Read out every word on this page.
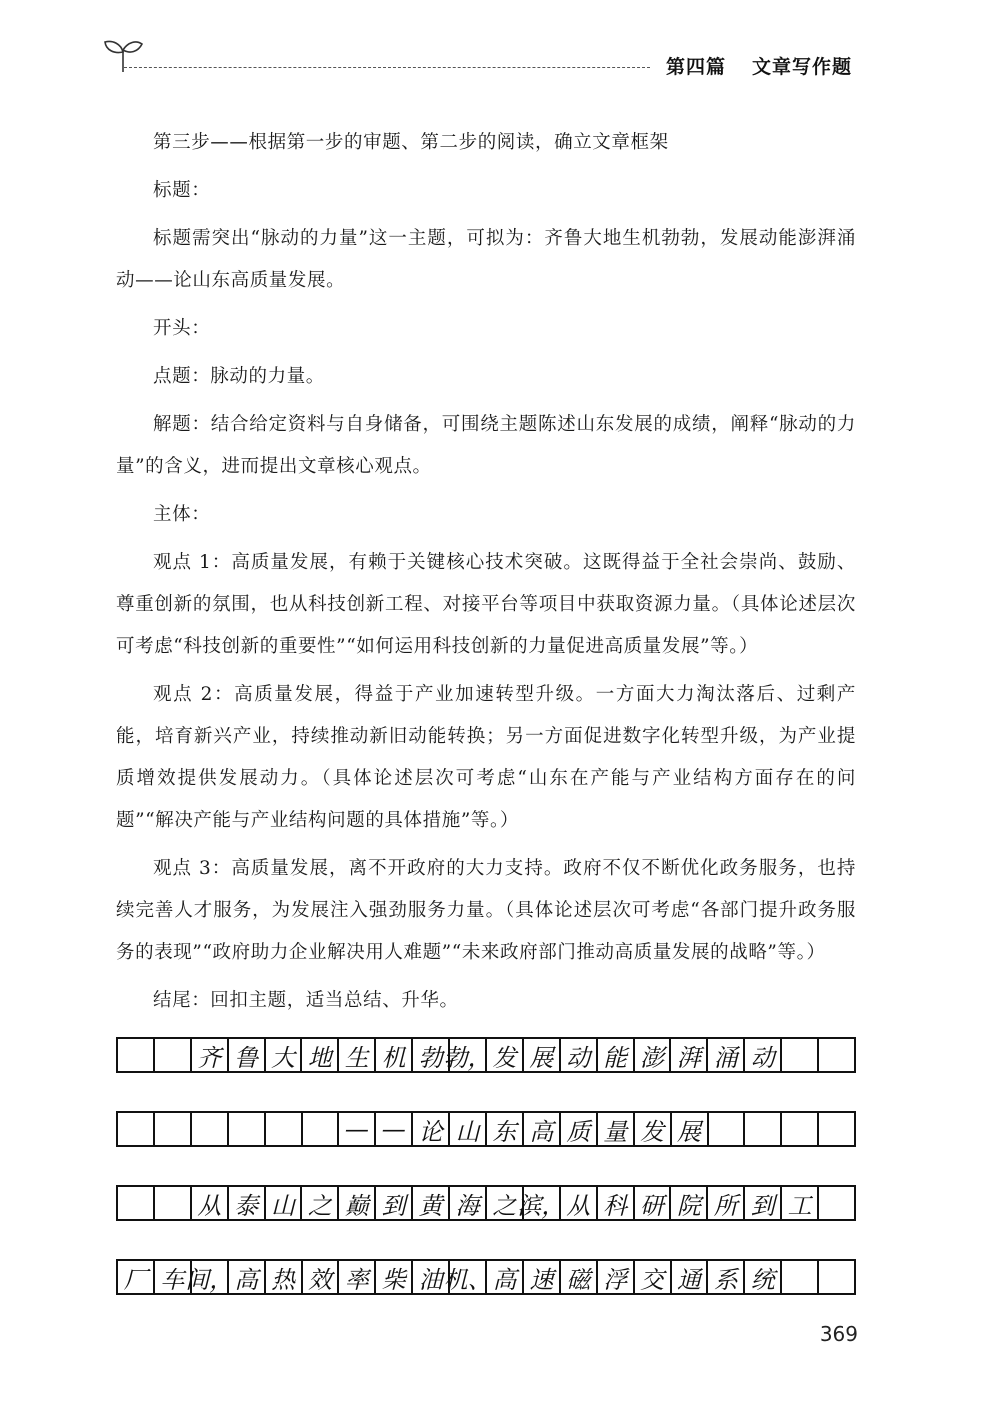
第四篇 文章写作题

第三步——根据第一步的审题、第二步的阅读，确立文章框架

标题：

标题需突出“脉动的力量”这一主题，可拟为：齐鲁大地生机勃勃，发展动能澎湃涌动——论山东高质量发展。

开头：

点题：脉动的力量。

解题：结合给定资料与自身储备，可围绕主题陈述山东发展的成绩，阐释“脉动的力量”的含义，进而提出文章核心观点。

主体：

观点 1：高质量发展，有赖于关键核心技术突破。这既得益于全社会崇尚、鼓励、尊重创新的氛围，也从科技创新工程、对接平台等项目中获取资源力量。（具体论述层次可考虑“科技创新的重要性”“如何运用科技创新的力量促进高质量发展”等。）

观点 2：高质量发展，得益于产业加速转型升级。一方面大力淘汰落后、过剩产能，培育新兴产业，持续推动新旧动能转换；另一方面促进数字化转型升级，为产业提质增效提供发展动力。（具体论述层次可考虑“山东在产能与产业结构方面存在的问题”“解决产能与产业结构问题的具体措施”等。）

观点 3：高质量发展，离不开政府的大力支持。政府不仅不断优化政务服务，也持续完善人才服务，为发展注入强劲服务力量。（具体论述层次可考虑“各部门提升政务服务的表现”“政府助力企业解决用人难题”“未来政府部门推动高质量发展的战略”等。）

结尾：回扣主题，适当总结、升华。

齐 鲁 大 地 生 机 勃 勃， 发 展 动 能 澎 湃 涌 动
— — 论 山 东 高 质 量 发 展
从 泰 山 之 巅 到 黄 海 之 滨， 从 科 研 院 所 到 工
厂 车 间， 高 热 效 率 柴 油 机、 高 速 磁 浮 交 通 系 统
369
